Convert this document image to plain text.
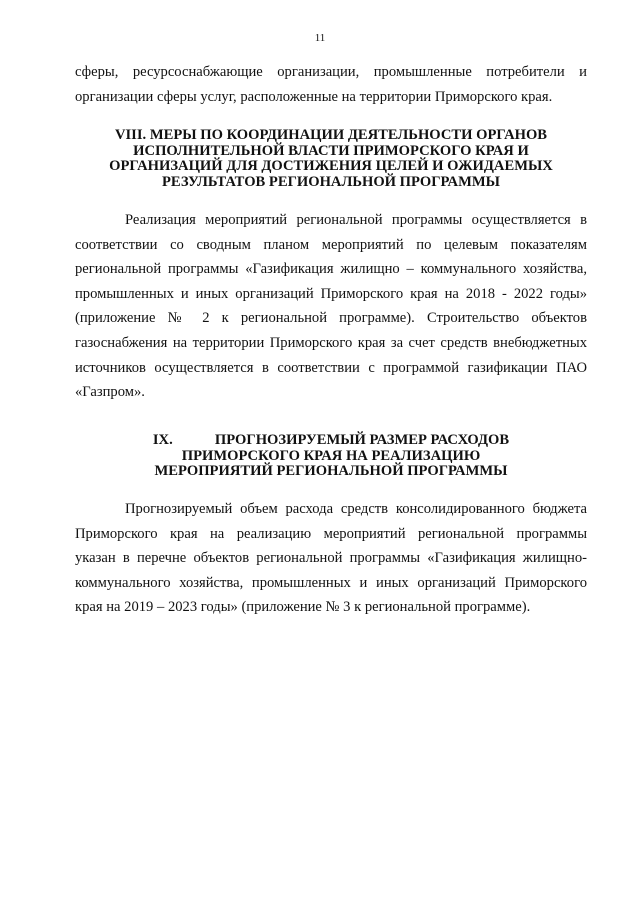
11

сферы, ресурсоснабжающие организации, промышленные потребители и
организации сферы услуг, расположенные на территории Приморского края.

VIII. МЕРЫ ПО КООРДИНАЦИИ ДЕЯТЕЛЬНОСТИ ОРГАНОВ
ИСПОЛНИТЕЛЬНОЙ ВЛАСТИ ПРИМОРСКОГО КРАЯ И
ОРГАНИЗАЦИЙ ДЛЯ ДОСТИЖЕНИЯ ЦЕЛЕЙ И ОЖИДАЕМЫХ
РЕЗУЛЬТАТОВ РЕГИОНАЛЬНОЙ ПРОГРАММЫ

Реализация мероприятий региональной программы осуществляется в
соответствии со сводным планом мероприятий по целевым показателям
региональной программы «Газификация жилищно – коммунального хозяйства,
промышленных и иных организаций Приморского края на 2018 - 2022 годы»
(приложение № 2 к региональной программе). Строительство объектов
газоснабжения на территории Приморского края за счет средств внебюджетных
источников осуществляется в соответствии с программой газификации ПАО
«Газпром».

IX.	ПРОГНОЗИРУЕМЫЙ РАЗМЕР РАСХОДОВ
ПРИМОРСКОГО КРАЯ НА РЕАЛИЗАЦИЮ
МЕРОПРИЯТИЙ РЕГИОНАЛЬНОЙ ПРОГРАММЫ

Прогнозируемый объем расхода средств консолидированного бюджета
Приморского края на реализацию мероприятий региональной программы
указан в перечне объектов региональной программы «Газификация жилищно-
коммунального хозяйства, промышленных и иных организаций Приморского
края на 2019 – 2023 годы» (приложение № 3 к региональной программе).
